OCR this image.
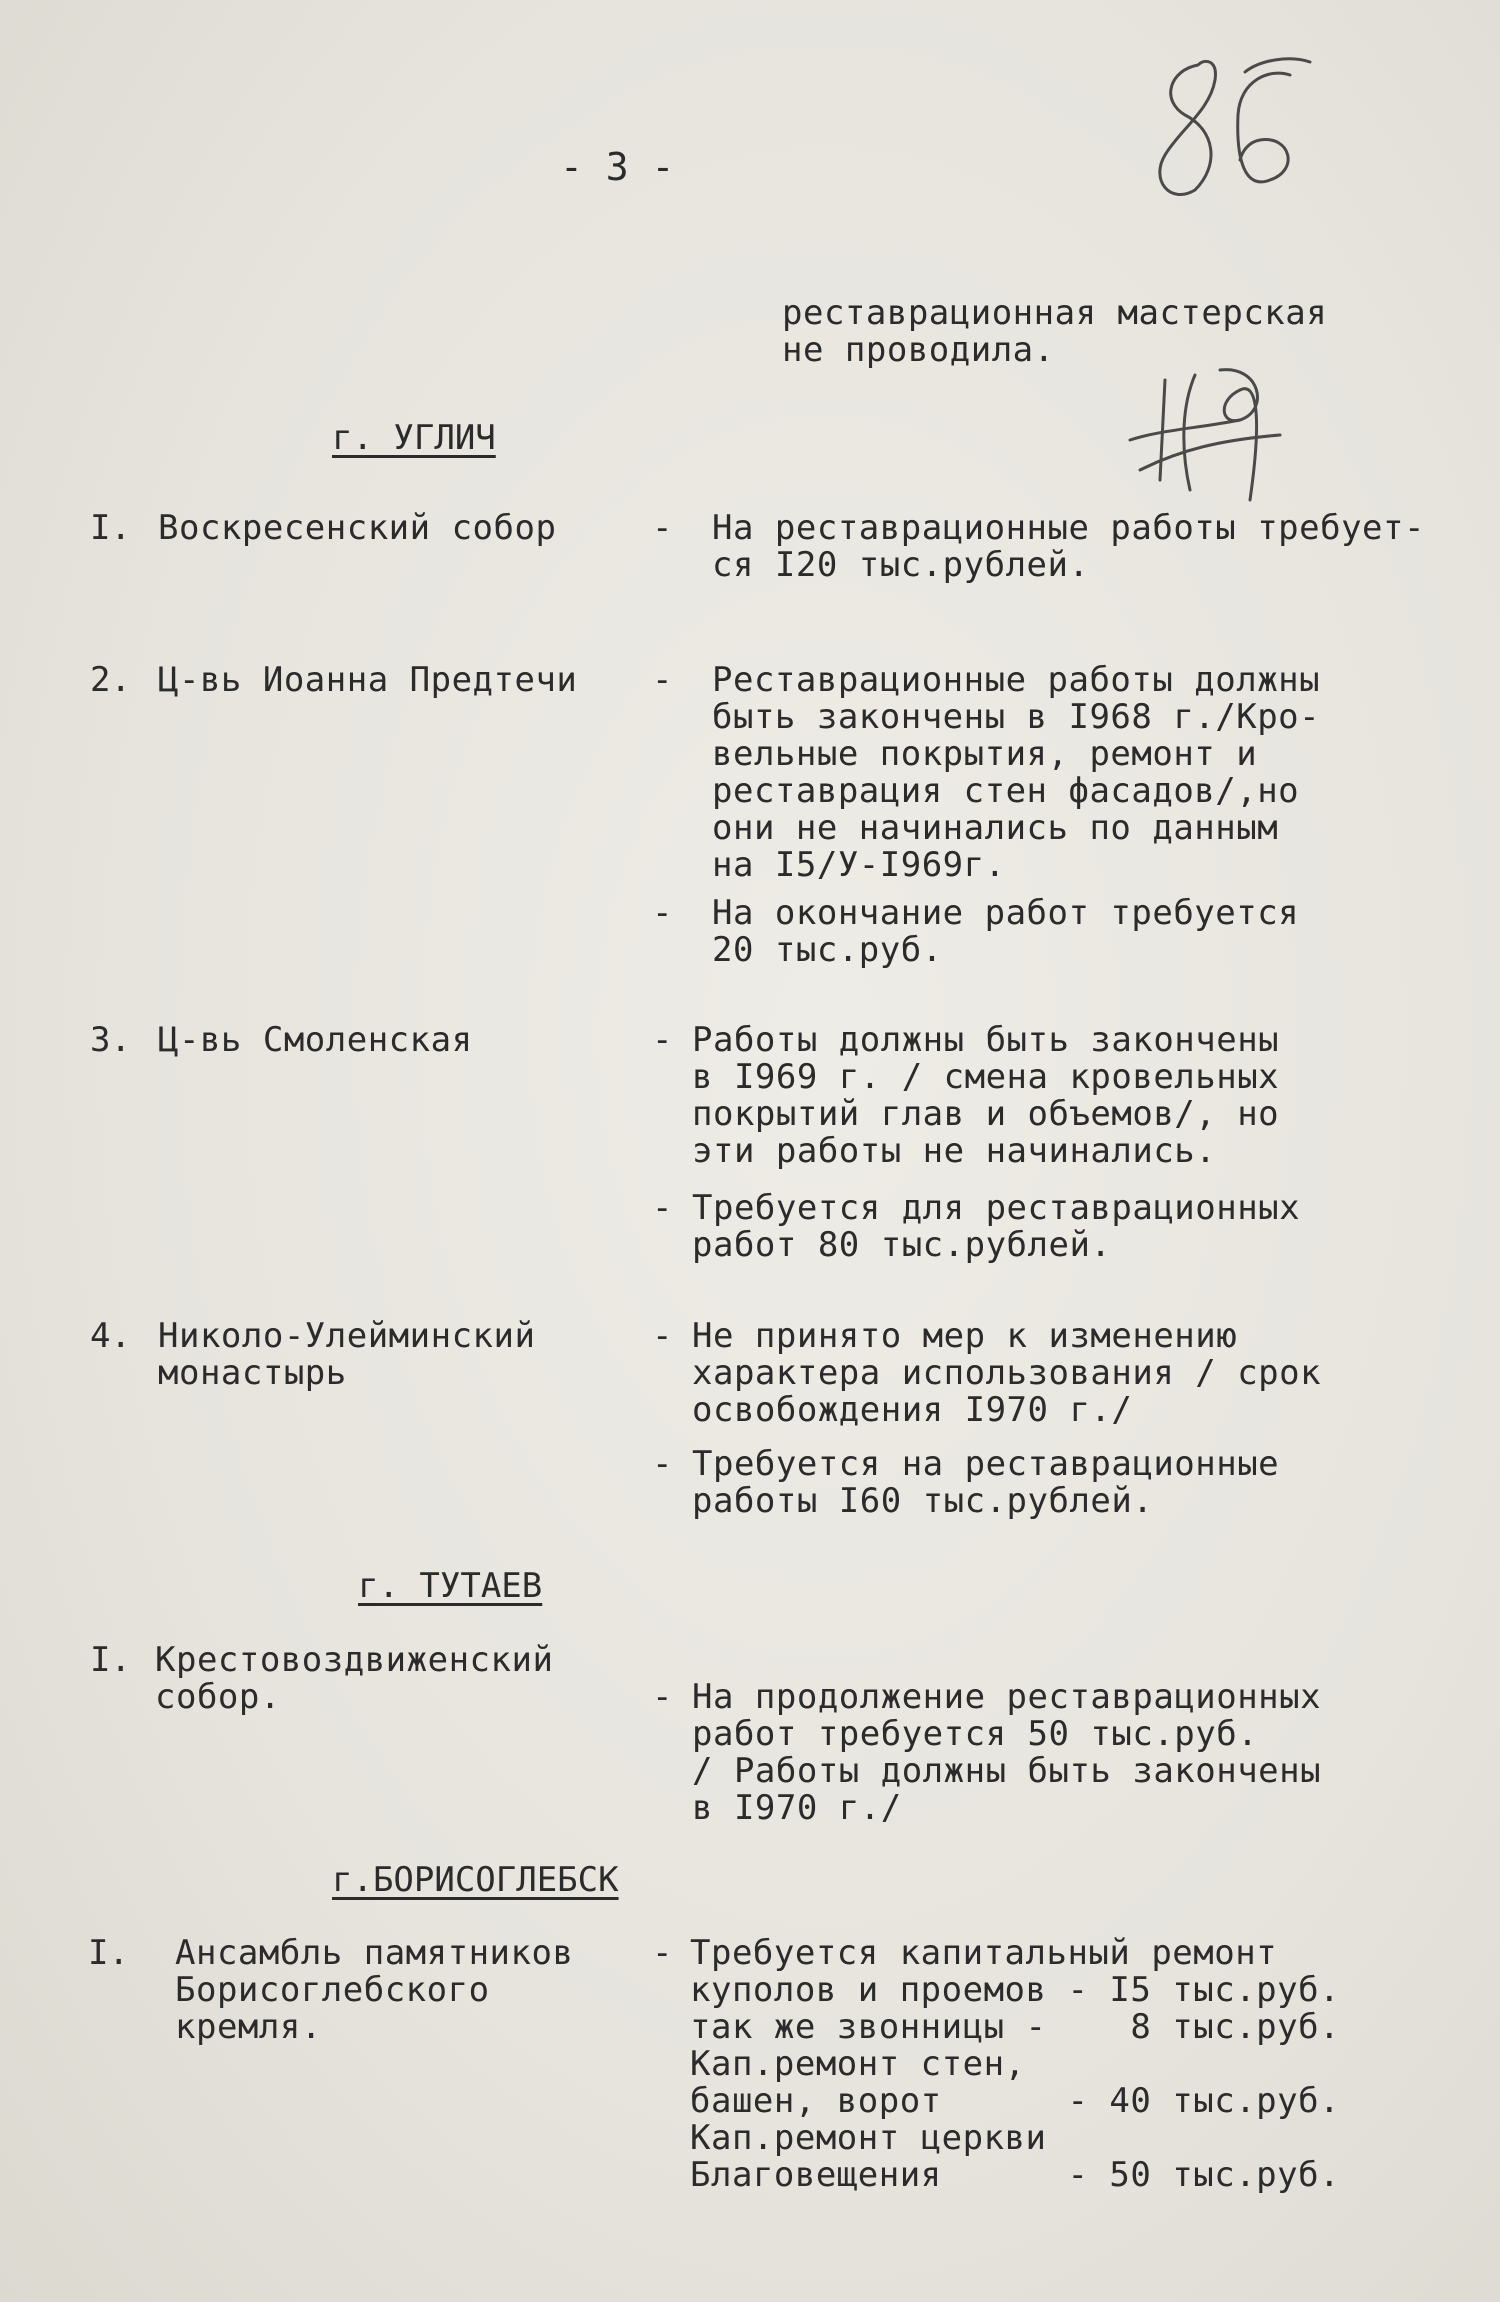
- 3 -
реставрационная мастерская
не проводила.
г. УГЛИЧ
I. Воскресенский собор	- На реставрационные работы требует-
ся I20 тыс.рублей.
2. Ц-вь Иоанна Предтечи - Реставрационные работы должны
быть закончены в I968 г./Кро-
вельные покрытия, ремонт и
реставрация стен фасадов/,но
они не начинались по данным
на I5/У-I969г.
- На окончание работ требуется
20 тыс.руб.
3. Ц-вь Смоленская	- Работы должны быть закончены
в I969 г. / смена кровельных
покрытий глав и объемов/, но
эти работы не начинались.
- Требуется для реставрационных
работ 80 тыс.рублей.
4. Николо-Улейминский
монастырь
- Не принято мер к изменению
характера использования / срок
освобождения I970 г./
- Требуется на реставрационные
работы I60 тыс.рублей.
г. ТУТАЕВ
I. Крестовоздвиженский
собор.	- На продолжение реставрационных
работ требуется 50 тыс.руб.
/ Работы должны быть закончены
в I970 г./
г.БОРИСОГЛЕБСК
I. Ансамбль памятников
Борисоглебского
кремля.
- Требуется капитальный ремонт
куполов и проемов - I5 тыс.руб.
так же звонницы -    8 тыс.руб.
Кап.ремонт стен,
башен, ворот      - 40 тыс.руб.
Кап.ремонт церкви
Благовещения      - 50 тыс.руб.
